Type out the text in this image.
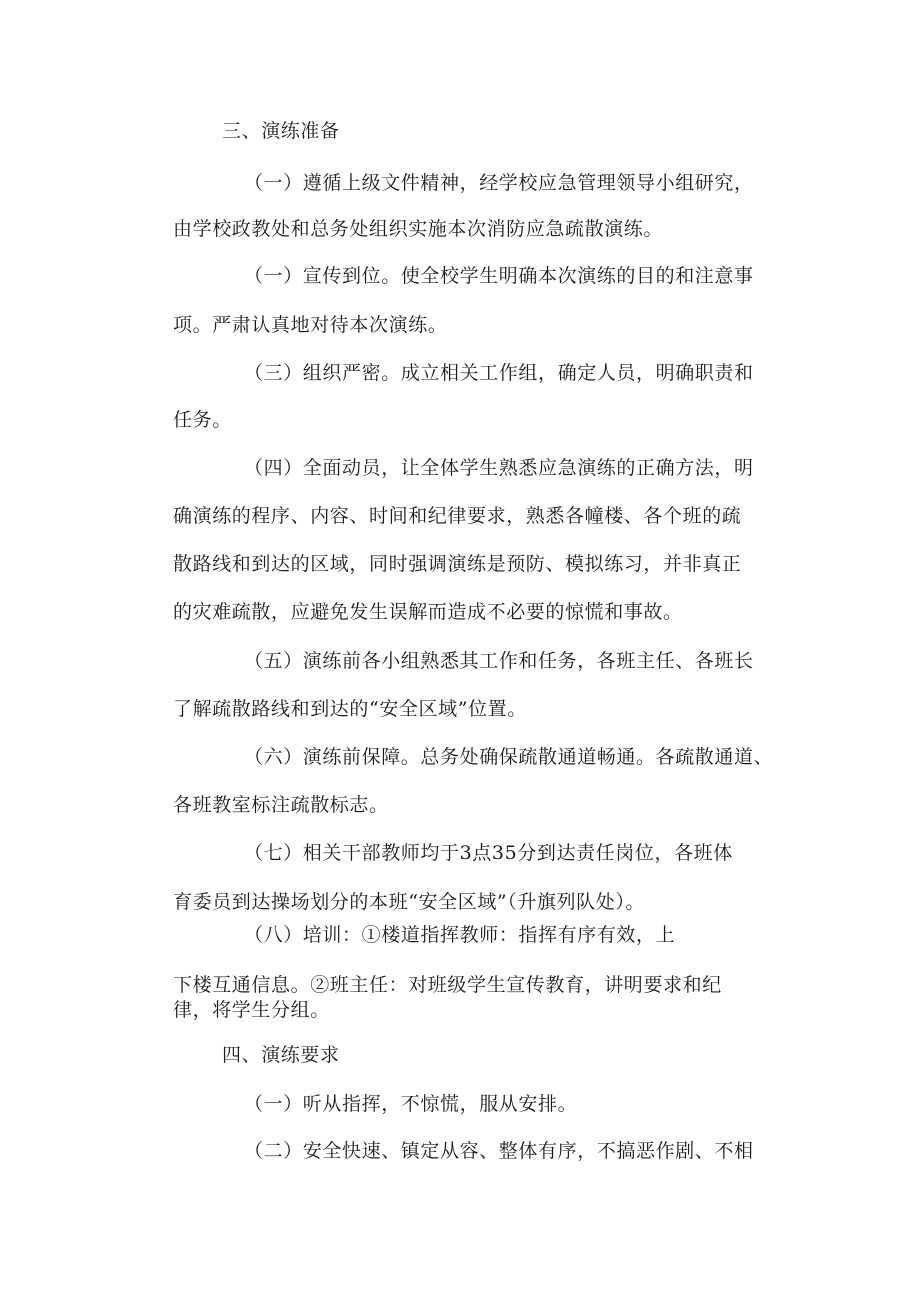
三、演练准备
（一）遵循上级文件精神，经学校应急管理领导小组研究，
由学校政教处和总务处组织实施本次消防应急疏散演练。
（一）宣传到位。使全校学生明确本次演练的目的和注意事
项。严肃认真地对待本次演练。
（三）组织严密。成立相关工作组，确定人员，明确职责和
任务。
（四）全面动员，让全体学生熟悉应急演练的正确方法，明
确演练的程序、内容、时间和纪律要求，熟悉各幢楼、各个班的疏
散路线和到达的区域，同时强调演练是预防、模拟练习，并非真正
的灾难疏散，应避免发生误解而造成不必要的惊慌和事故。
（五）演练前各小组熟悉其工作和任务，各班主任、各班长
了解疏散路线和到达的“安全区域”位置。
（六）演练前保障。总务处确保疏散通道畅通。各疏散通道、
各班教室标注疏散标志。
（七）相关干部教师均于3点35分到达责任岗位，各班体
育委员到达操场划分的本班“安全区域”（升旗列队处）。
（八）培训：①楼道指挥教师：指挥有序有效，上
下楼互通信息。②班主任：对班级学生宣传教育，讲明要求和纪
律，将学生分组。
四、演练要求
（一）听从指挥，不惊慌，服从安排。
（二）安全快速、镇定从容、整体有序，不搞恶作剧、不相
